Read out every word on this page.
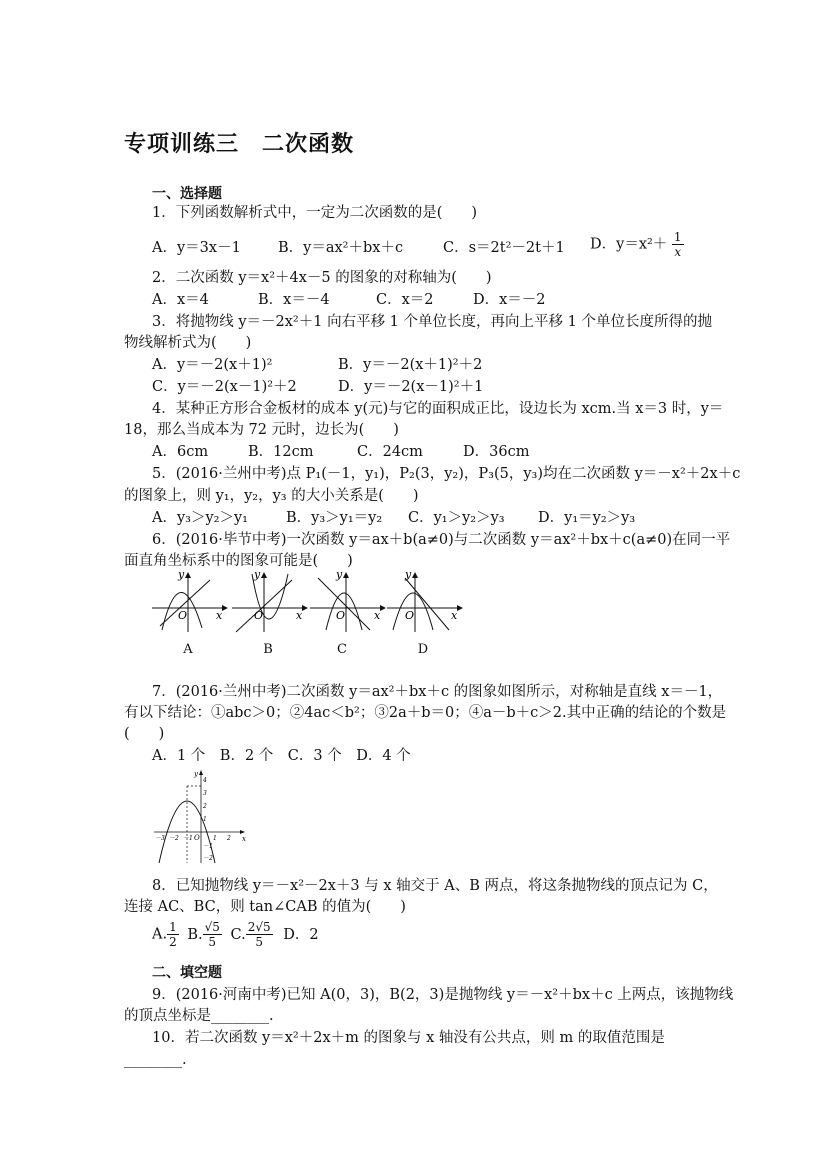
专项训练三　二次函数
一、选择题
1．下列函数解析式中，一定为二次函数的是(　　)
A．y＝3x－1	B．y＝ax²＋bx＋c	C．s＝2t²－2t＋1 D．$y=x^2+ \frac{1}{x}$
2．二次函数 y＝x²＋4x－5 的图象的对称轴为(　　)
A．x＝4	B．x＝－4	C．x＝2	D．x＝－2
3．将抛物线 y＝－2x²＋1 向右平移 1 个单位长度，再向上平移 1 个单位长度所得的抛
物线解析式为(　　)
A．y＝－2(x＋1)²	B．y＝－2(x＋1)²＋2
C．y＝－2(x－1)²＋2	D．y＝－2(x－1)²＋1
4．某种正方形合金板材的成本 y(元)与它的面积成正比，设边长为 xcm.当 x＝3 时，y＝
18，那么当成本为 72 元时，边长为(　　)
A．6cm	B．12cm	C．24cm	D．36cm
5．(2016·兰州中考)点 P₁(－1，y₁)，P₂(3，y₂)，P₃(5，y₃)均在二次函数 y＝－x²＋2x＋c
的图象上，则 y₁，y₂，y₃ 的大小关系是(　　)
A．y₃＞y₂＞y₁	B．y₃＞y₁＝y₂ C．y₁＞y₂＞y₃ D．y₁＝y₂＞y₃
6．(2016·毕节中考)一次函数 y＝ax＋b(a≠0)与二次函数 y＝ax²＋bx＋c(a≠0)在同一平
面直角坐标系中的图象可能是(　　)
y
x
O
y
x
O
y
x
O
y
x
O
A	B	C	D
7．(2016·兰州中考)二次函数 y＝ax²＋bx＋c 的图象如图所示，对称轴是直线 x＝－1，
有以下结论：①abc＞0；②4ac＜b²；③2a＋b＝0；④a－b＋c＞2.其中正确的结论的个数是
(　　)
A．1 个　B．2 个　C．3 个　D．4 个
y
x
O
－3 －2 －1	1 2
4
3
2
1
－1
－2
8．已知抛物线 y＝－x²－2x＋3 与 x 轴交于 A、B 两点，将这条抛物线的顶点记为 C，
连接 AC、BC，则 tan∠CAB 的值为(　　)
A. $\frac{1}{2} B$. $\frac{√5}{5} C$. $\frac{2√5}{5}$ D．2
二、填空题
9．(2016·河南中考)已知 A(0，3)，B(2，3)是抛物线 y＝－x²＋bx＋c 上两点，该抛物线
的顶点坐标是________.
10．若二次函数 y＝x²＋2x＋m 的图象与 x 轴没有公共点，则 m 的取值范围是
________.
